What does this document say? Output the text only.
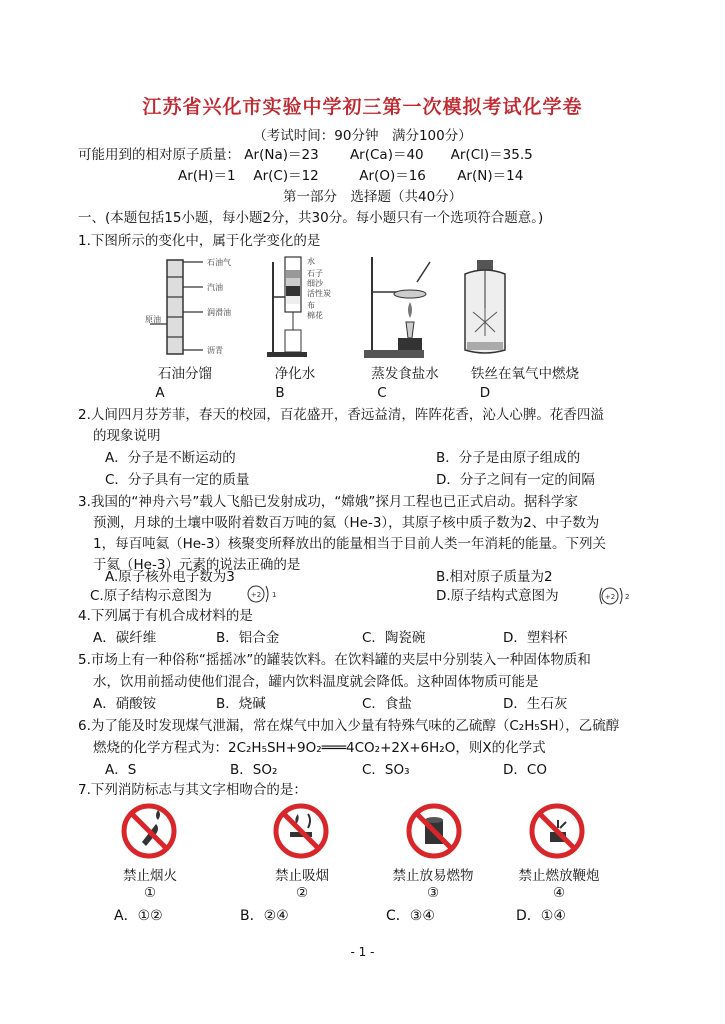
江苏省兴化市实验中学初三第一次模拟考试化学卷
（考试时间：90分钟　满分100分）
可能用到的相对原子质量： Ar(Na)＝23　　 Ar(Ca)＝40　　Ar(Cl)＝35.5
Ar(H)＝1　 Ar(C)＝12　　　Ar(O)＝16　　 Ar(N)＝14
第一部分　选择题（共40分）
一、(本题包括15小题，每小题2分，共30分。每小题只有一个选项符合题意。)
1.下图所示的变化中，属于化学变化的是
石油气
汽油
润滑油
沥青
原油
水
石子
细沙
活性炭
布
棉花
石油分馏	净化水	蒸发食盐水	铁丝在氧气中燃烧
A	B	C	D
2.人间四月芬芳菲，春天的校园，百花盛开，香远益清，阵阵花香，沁人心脾。花香四溢
的现象说明
A．分子是不断运动的	B．分子是由原子组成的
C．分子具有一定的质量	D．分子之间有一定的间隔
3.我国的“神舟六号”载人飞船已发射成功，“嫦娥”探月工程也已正式启动。据科学家
预测，月球的土壤中吸附着数百万吨的氦（He-3），其原子核中质子数为2、中子数为
1，每百吨氦（He-3）核聚变所释放出的能量相当于目前人类一年消耗的能量。下列关
于氦（He-3）元素的说法正确的是
A.原子核外电子数为3	B.相对原子质量为2
C.原子结构示意图为	+2 1	D.原子结构式意图为	+2 2
4.下列属于有机合成材料的是
A．碳纤维	B．铝合金	C．陶瓷碗	D．塑料杯
5.市场上有一种俗称“摇摇冰”的罐装饮料。在饮料罐的夹层中分别装入一种固体物质和
水，饮用前摇动使他们混合，罐内饮料温度就会降低。这种固体物质可能是
A．硝酸铵	B．烧碱	C．食盐	D．生石灰
6.为了能及时发现煤气泄漏，常在煤气中加入少量有特殊气味的乙硫醇（C₂H₅SH），乙硫醇
燃烧的化学方程式为：2C₂H₅SH+9O₂═══4CO₂+2X+6H₂O，则X的化学式
A．S	B．SO₂	C．SO₃	D．CO
7.下列消防标志与其文字相吻合的是：
禁止烟火	禁止吸烟	禁止放易燃物	禁止燃放鞭炮
①	②	③	④
A．①②	B．②④	C．③④	D．①④
- 1 -
